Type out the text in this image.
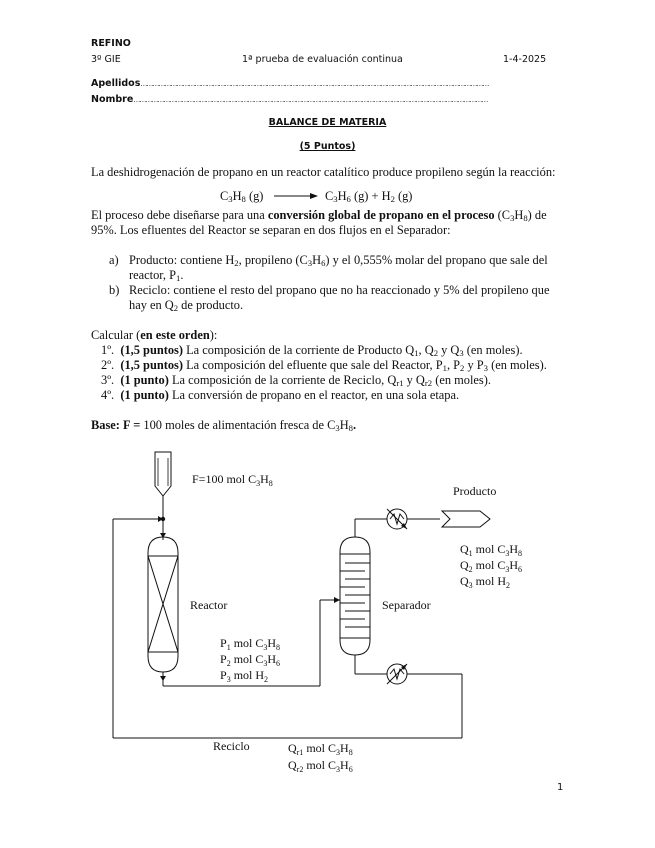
REFINO
3º GIE	1ª prueba de evaluación continua	1-4-2025
Apellidos…………………………………………………………………………………………………………………………………………………………
Nombre……………………………………………………………………………………………………………………………………………………………
BALANCE DE MATERIA
(5 Puntos)
La deshidrogenación de propano en un reactor catalítico produce propileno según la reacción:
$C_3H_8$ $(g) \to C_3H_6$ $(g) + H_2$ (g)
El proceso debe diseñarse para una conversión global de propano en el proceso $(C_3H_8)$ de
95%. Los efluentes del Reactor se separan en dos flujos en el Separador:
a) Producto: contiene $H_2$, propileno $(C_3H_6)$ y el 0,555% molar del propano que sale del
reactor, $P_1$.
b) Reciclo: contiene el resto del propano que no ha reaccionado y 5% del propileno que
hay en $Q_2$ de producto.
Calcular (en este orden):
1º. (1,5 puntos) La composición de la corriente de Producto $Q_1$, $Q_2$ y $Q_3$ (en moles).
2º. (1,5 puntos) La composición del efluente que sale del Reactor, $P_1$, $P_2$ y $P_3$ (en moles).
3º. (1 punto) La composición de la corriente de Reciclo, $Q_{r1}$ y $Q_{r2}$ (en moles).
4º. (1 punto) La conversión de propano en el reactor, en una sola etapa.
Base: F = 100 moles de alimentación fresca de $C_3H_8$.
F=100 mol $C_3H_8$
Reactor	Separador
Producto
Reciclo
$Q_1$ mol $C_3H_8$
$Q_2$ mol $C_3H_6$
$Q_3$ mol $H_2$
$P_1$ mol $C_3H_8$
$P_2$ mol $C_3H_6$
$P_3$ mol $H_2$
$Q_{r1}$ mol $C_3H_8$
$Q_{r2}$ mol $C_3H_6$
1
